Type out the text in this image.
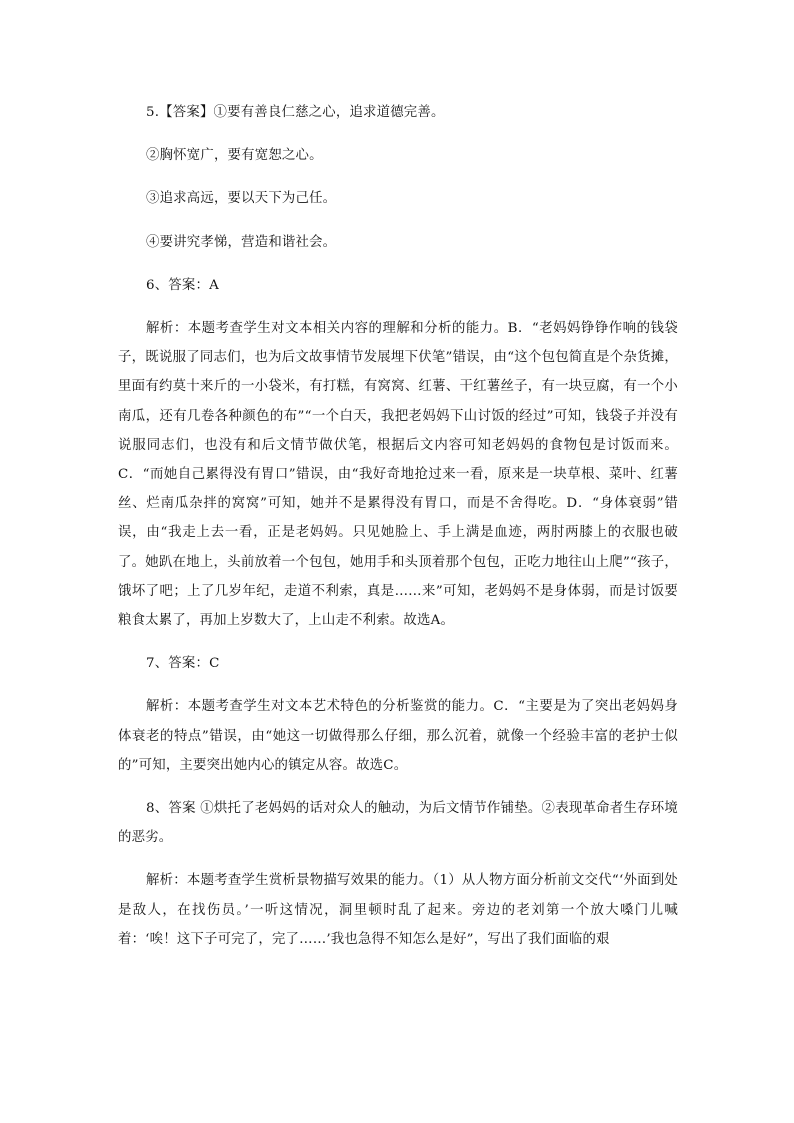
5.【答案】①要有善良仁慈之心，追求道德完善。

②胸怀宽广，要有宽恕之心。

③追求高远，要以天下为己任。

④要讲究孝悌，营造和谐社会。

6、答案：A

解析：本题考查学生对文本相关内容的理解和分析的能力。B．“老妈妈铮铮作响的钱袋子，既说服了同志们，也为后文故事情节发展埋下伏笔”错误，由“这个包包简直是个杂货摊，里面有约莫十来斤的一小袋米，有打糕，有窝窝、红薯、干红薯丝子，有一块豆腐，有一个小南瓜，还有几卷各种颜色的布”“一个白天，我把老妈妈下山讨饭的经过”可知，钱袋子并没有说服同志们，也没有和后文情节做伏笔，根据后文内容可知老妈妈的食物包是讨饭而来。C．“而她自己累得没有胃口”错误，由“我好奇地抢过来一看，原来是一块草根、菜叶、红薯丝、烂南瓜杂拌的窝窝”可知，她并不是累得没有胃口，而是不舍得吃。D．“身体衰弱”错误，由“我走上去一看，正是老妈妈。只见她脸上、手上满是血迹，两肘两膝上的衣服也破了。她趴在地上，头前放着一个包包，她用手和头顶着那个包包，正吃力地往山上爬”“孩子，饿坏了吧；上了几岁年纪，走道不利索，真是……来”可知，老妈妈不是身体弱，而是讨饭要粮食太累了，再加上岁数大了，上山走不利索。故选A。

7、答案：C

解析：本题考查学生对文本艺术特色的分析鉴赏的能力。C．“主要是为了突出老妈妈身体衰老的特点”错误，由“她这一切做得那么仔细，那么沉着，就像一个经验丰富的老护士似的”可知，主要突出她内心的镇定从容。故选C。

8、答案 ①烘托了老妈妈的话对众人的触动，为后文情节作铺垫。②表现革命者生存环境的恶劣。

解析：本题考查学生赏析景物描写效果的能力。（1）从人物方面分析前文交代“‘外面到处是敌人，在找伤员。’一听这情况，洞里顿时乱了起来。旁边的老刘第一个放大嗓门儿喊着：‘唉！这下子可完了，完了……’我也急得不知怎么是好”，写出了我们面临的艰
